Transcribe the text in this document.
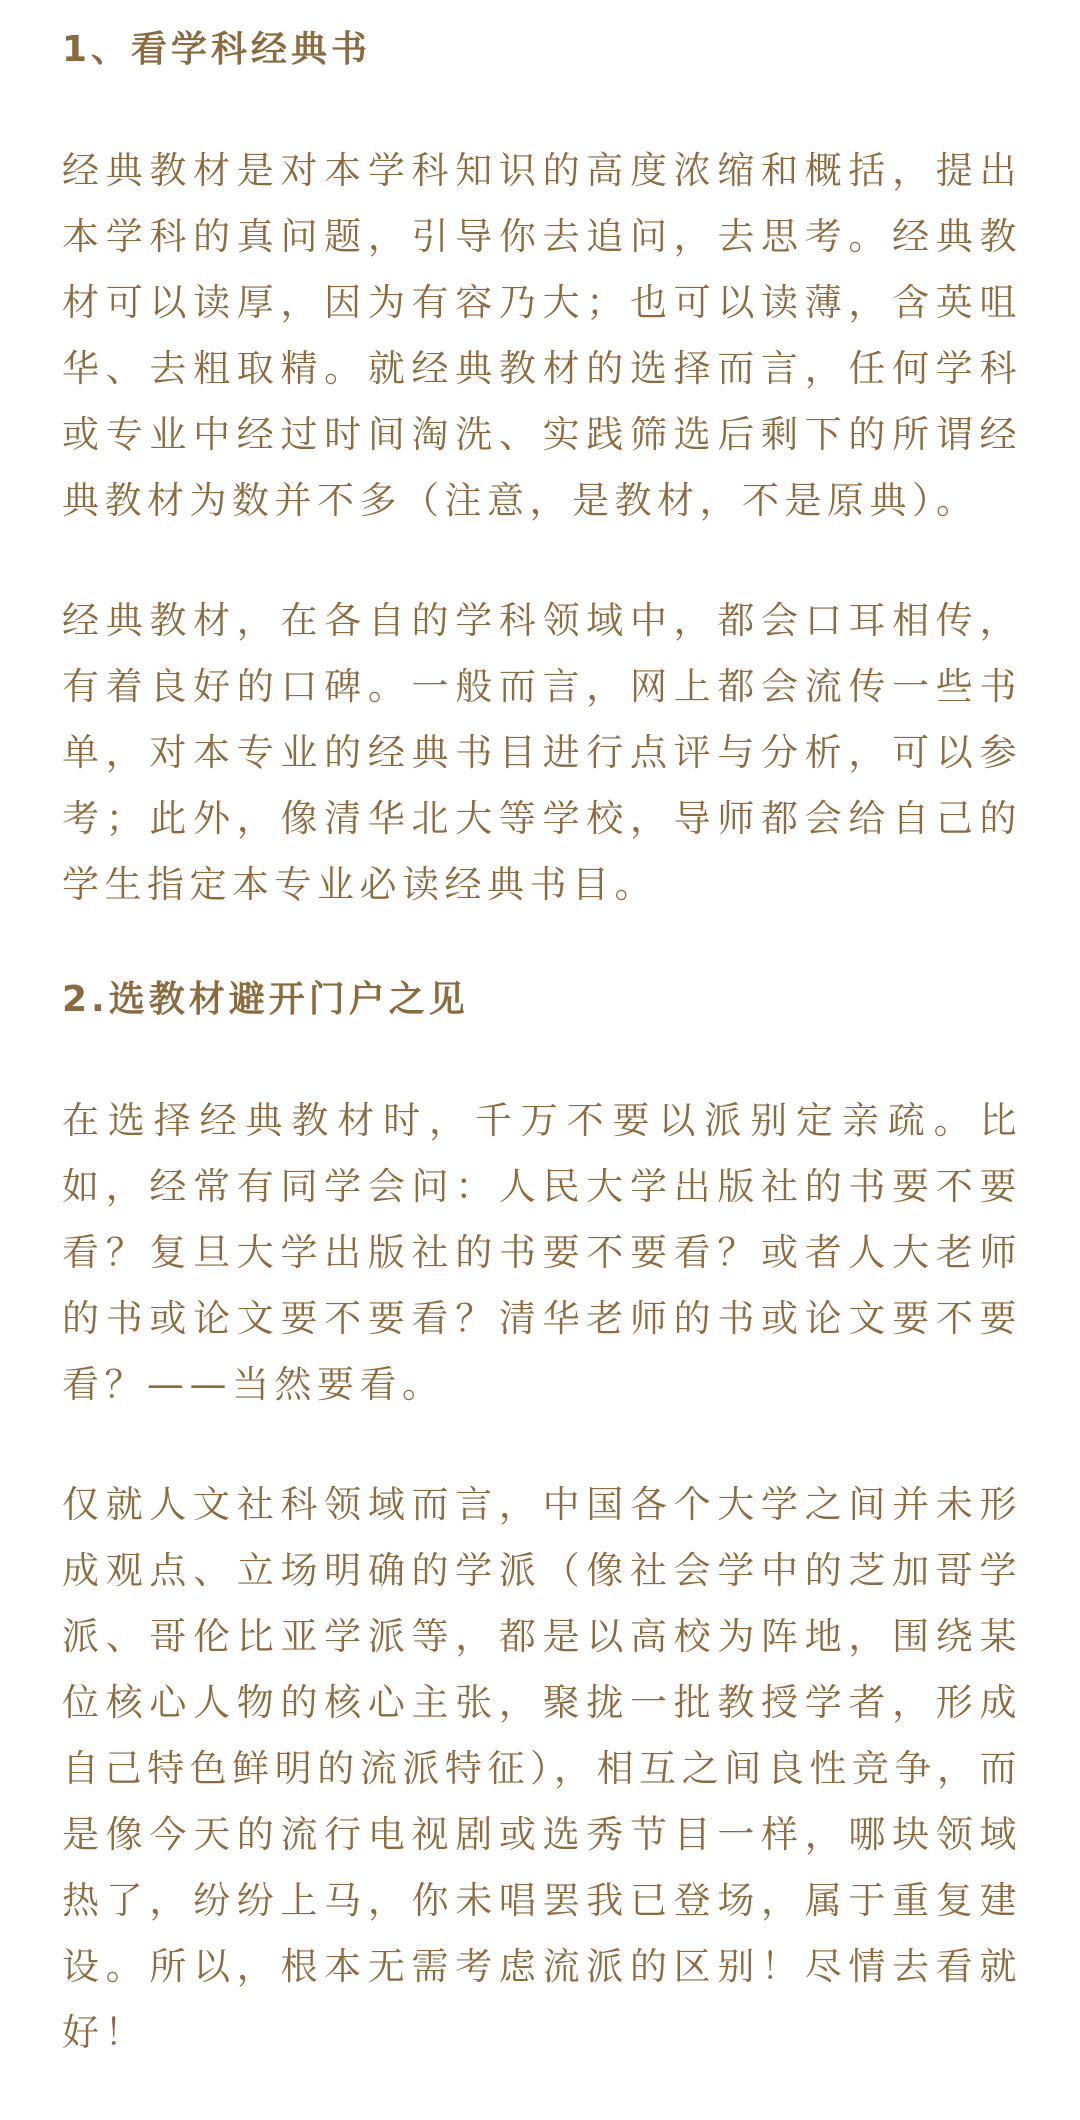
1、看学科经典书

经典教材是对本学科知识的高度浓缩和概括，提出本学科的真问题，引导你去追问，去思考。经典教材可以读厚，因为有容乃大；也可以读薄，含英咀华、去粗取精。就经典教材的选择而言，任何学科或专业中经过时间淘洗、实践筛选后剩下的所谓经典教材为数并不多（注意，是教材，不是原典）。

经典教材，在各自的学科领域中，都会口耳相传，有着良好的口碑。一般而言，网上都会流传一些书单，对本专业的经典书目进行点评与分析，可以参考；此外，像清华北大等学校，导师都会给自己的学生指定本专业必读经典书目。

2.选教材避开门户之见

在选择经典教材时，千万不要以派别定亲疏。比如，经常有同学会问：人民大学出版社的书要不要看？复旦大学出版社的书要不要看？或者人大老师的书或论文要不要看？清华老师的书或论文要不要看？——当然要看。

仅就人文社科领域而言，中国各个大学之间并未形成观点、立场明确的学派（像社会学中的芝加哥学派、哥伦比亚学派等，都是以高校为阵地，围绕某位核心人物的核心主张，聚拢一批教授学者，形成自己特色鲜明的流派特征），相互之间良性竞争，而是像今天的流行电视剧或选秀节目一样，哪块领域热了，纷纷上马，你未唱罢我已登场，属于重复建设。所以，根本无需考虑流派的区别！尽情去看就好！
